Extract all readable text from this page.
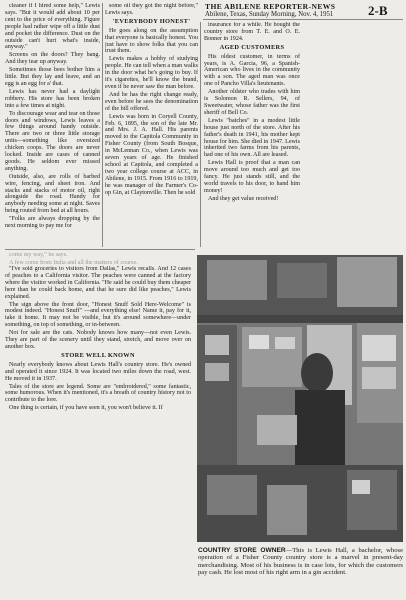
THE ABILENE REPORTER-NEWS
Abilene, Texas, Sunday Morning, Nov. 4, 1951	2-B

cleaner if I hired some help," Lewis says. "But it would add about 10 per cent to the price of everything. Figure people had rather wipe off a little dust and pocket the difference. Dust on the outside can't hurt what's inside, anyway."

Screens on the doors? They bang. And they tear up anyway.

Sometimes those bees bother him a little. But they lay and leave, and an egg is an egg for a' that.

Lewis has never had a daylight robbery. His store has been broken into a few times at night.

To discourage wear and tear on those doors and windows, Lewis leaves a few things around handy outside. There are two or three little storage units—something like oversized chicken coops. The doors are never locked. Inside are cases of canned goods. He seldom ever missed anything.

Outside, also, are rolls of barbed wire, fencing, and sheet iron. And stacks and stacks of motor oil, right alongside the road. Handy for anybody needing some at night. Saves being routed from bed at all hours.

"Folks are always dropping by the next morning to pay me for

some oil they got the night before," Lewis says.

'EVERYBODY HONEST'

He goes along on the assumption that everyone is basically honest. You just have to show folks that you can trust them.

Lewis makes a hobby of studying people. He can tell when a man walks in the door what he's going to buy. If it's cigarettes, he'll know the brand, even if he never saw the man before.

And he has the right change ready, even before he sees the denomination of the bill offered.

Lewis was born in Coryell County, Feb. 6, 1895, the son of the late Mr. and Mrs. J. A. Hall. His parents moved to the Capitola Community in Fisher County (from South Bosque, in McLennan Co., when Lewis was seven years of age. He finished school at Capitola, and completed a two year college course at ACC, in Abilene, in 1915. From 1916 to 1919, he was manager of the Farmer's Co-op Gin, at Claytonville. Then he sold

insurance for a while. He bought the country store from T. E. and O. E. Bonner in 1924.

AGED CUSTOMERS

His oldest customer, in terms of years, is A. Garcia, 96, a Spanish-American who lives in the community with a son. The aged man was once one of Pancho Villa's lieutenants.

Another oldster who trades with him is Solomon R. Sellers, 94, of Sweetwater, whose father was the first sheriff of Bell Co.

Lewis "batches" in a modest little house just north of the store. After his father's death in 1941, his mother kept house for him. She died in 1947. Lewis inherited two farms from his parents, had one of his own. All are leased.

Lewis Hall is proof that a man can move around too much and get too fancy. He just stands still, and the world travels to his door, to hand him money!

And they get value received!

come my way," he says.

A few come from India and all the matters of course.

"I've sold groceries to visitors from Dallas," Lewis recalls. And 12 cases of peaches to a California visitor. The peaches were canned at the factory where the visitor worked in California. "He said he could buy them cheaper here than he could back home, and that he sure did like peaches," Lewis explained.

The sign above the front door, "Honest Snuff Sold Here-Welcome" is modest indeed. "Honest Snuff" —and everything else! Name it, pay for it, take it home. It may not be visible, but it's around somewhere—under something, on top of something, or in-between.

Not for sale are the cats. Nobody knows how many—not even Lewis. They are part of the scenery until they stand, stretch, and move over on another box.

STORE WELL KNOWN

Nearly everybody knows about Lewis Hall's country store. He's owned and operated it since 1924. It was located two miles down the road, west. He moved it in 1937.

Tales of the store are legend. Some are "embroidered," some fantastic, some humorous. When it's mentioned, it's a breath of country history not to contribute to the lore.

One thing is certain, if you have seen it, you won't believe it. If

COUNTRY STORE OWNER—This is Lewis Hall, a bachelor, whose operation of a Fisher County country store is a marvel in present-day merchandising. Most of his business is in case lots, for which the customers pay cash. He lost most of his right arm in a gin accident.
